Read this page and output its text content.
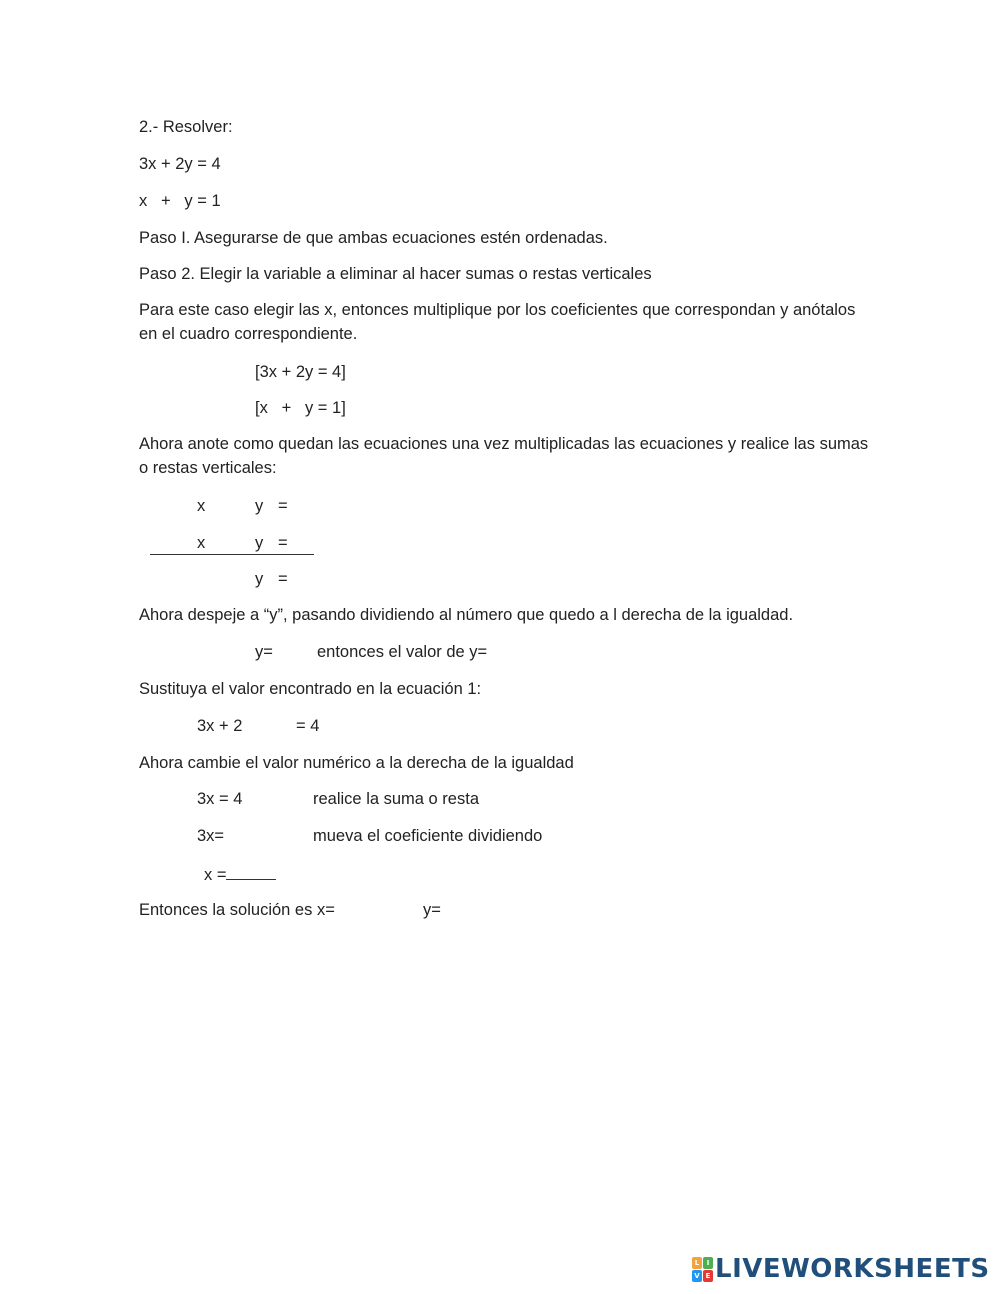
2.- Resolver:
3x + 2y = 4
x   +   y = 1
Paso I. Asegurarse de que ambas ecuaciones estén ordenadas.
Paso 2. Elegir la variable a eliminar al hacer sumas o restas verticales
Para este caso elegir las x, entonces multiplique por los coeficientes que correspondan y anótalos en el cuadro correspondiente.
[3x + 2y = 4]
[x   +   y = 1]
Ahora anote como quedan las ecuaciones una vez multiplicadas las ecuaciones y realice las sumas o restas verticales:
x	y =
x	y =
y =
Ahora despeje a “y”, pasando dividiendo al número que quedo a l derecha de la igualdad.
y=	entonces el valor de y=
Sustituya el valor encontrado en la ecuación 1:
3x + 2	= 4
Ahora cambie el valor numérico a la derecha de la igualdad
3x = 4	realice la suma o resta
3x=	mueva el coeficiente dividiendo
x =
Entonces la solución es x=	y=
L	I
V E LIVEWORKSHEETS
